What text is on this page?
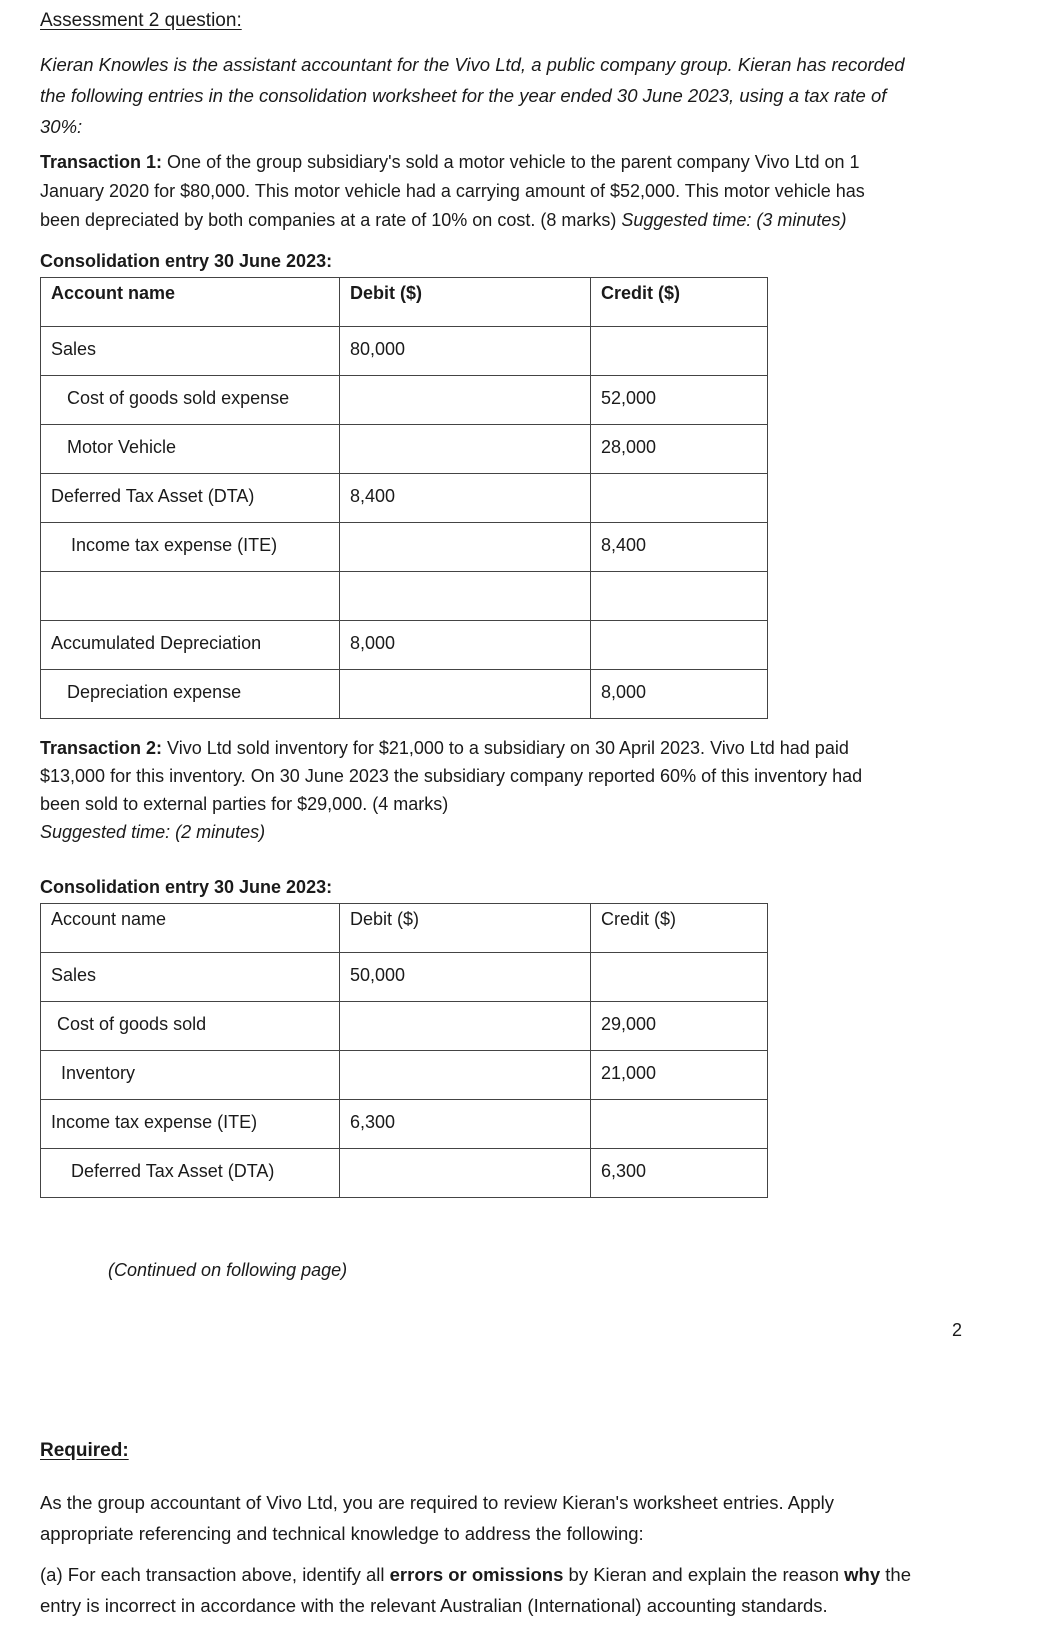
Assessment 2 question:
Kieran Knowles is the assistant accountant for the Vivo Ltd, a public company group. Kieran has recorded
the following entries in the consolidation worksheet for the year ended 30 June 2023, using a tax rate of
30%:
Transaction 1: One of the group subsidiary's sold a motor vehicle to the parent company Vivo Ltd on 1
January 2020 for $80,000. This motor vehicle had a carrying amount of $52,000. This motor vehicle has
been depreciated by both companies at a rate of 10% on cost. (8 marks) Suggested time: (3 minutes)
Consolidation entry 30 June 2023:
Account name	Debit ($)	Credit ($)
Sales	80,000	
Cost of goods sold expense		52,000
Motor Vehicle		28,000
Deferred Tax Asset (DTA)	8,400	
Income tax expense (ITE)		8,400

Accumulated Depreciation	8,000	
Depreciation expense		8,000
Transaction 2: Vivo Ltd sold inventory for $21,000 to a subsidiary on 30 April 2023. Vivo Ltd had paid
$13,000 for this inventory. On 30 June 2023 the subsidiary company reported 60% of this inventory had
been sold to external parties for $29,000. (4 marks)
Suggested time: (2 minutes)
Consolidation entry 30 June 2023:
Account name	Debit ($)	Credit ($)
Sales	50,000	
Cost of goods sold		29,000
Inventory		21,000
Income tax expense (ITE)	6,300	
Deferred Tax Asset (DTA)		6,300
(Continued on following page)
2
Required:
As the group accountant of Vivo Ltd, you are required to review Kieran's worksheet entries. Apply
appropriate referencing and technical knowledge to address the following:
(a) For each transaction above, identify all errors or omissions by Kieran and explain the reason why the
entry is incorrect in accordance with the relevant Australian (International) accounting standards.
